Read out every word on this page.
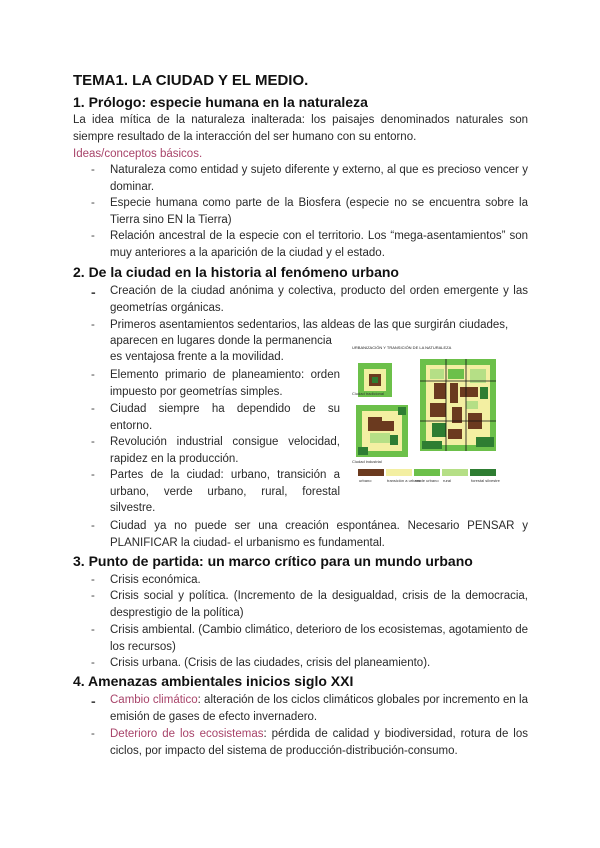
TEMA1. LA CIUDAD Y EL MEDIO.
1. Prólogo: especie humana en la naturaleza
La idea mítica de la naturaleza inalterada: los paisajes denominados naturales son siempre resultado de la interacción del ser humano con su entorno.
Ideas/conceptos básicos.
- Naturaleza como entidad y sujeto diferente y externo, al que es precioso vencer y dominar.
- Especie humana como parte de la Biosfera (especie no se encuentra sobre la Tierra sino EN la Tierra)
- Relación ancestral de la especie con el territorio. Los “mega-asentamientos” son muy anteriores a la aparición de la ciudad y el estado.
2. De la ciudad en la historia al fenómeno urbano
- Creación de la ciudad anónima y colectiva, producto del orden emergente y las geometrías orgánicas.
- Primeros asentamientos sedentarios, las aldeas de las que surgirán ciudades,
aparecen en lugares donde la permanencia
es ventajosa frente a la movilidad.
- Elemento primario de planeamiento: orden impuesto por geometrías simples.
- Ciudad siempre ha dependido de su entorno.
- Revolución industrial consigue velocidad, rapidez en la producción.
- Partes de la ciudad: urbano, transición a urbano, verde urbano, rural, forestal silvestre.
- Ciudad ya no puede ser una creación espontánea. Necesario PENSAR y PLANIFICAR la ciudad- el urbanismo es fundamental.
URBANIZACIÓN Y TRANSICIÓN DE LA NATURALEZA
Ciudad tradicional
Ciudad industrial
urbano	transición a urbano
verde urbano rural	forestal silvestre
3. Punto de partida: un marco crítico para un mundo urbano
- Crisis económica.
- Crisis social y política. (Incremento de la desigualdad, crisis de la democracia, desprestigio de la política)
- Crisis ambiental. (Cambio climático, deterioro de los ecosistemas, agotamiento de los recursos)
- Crisis urbana. (Crisis de las ciudades, crisis del planeamiento).
4. Amenazas ambientales inicios siglo XXI
- Cambio climático: alteración de los ciclos climáticos globales por incremento en la emisión de gases de efecto invernadero.
- Deterioro de los ecosistemas: pérdida de calidad y biodiversidad, rotura de los ciclos, por impacto del sistema de producción-distribución-consumo.
